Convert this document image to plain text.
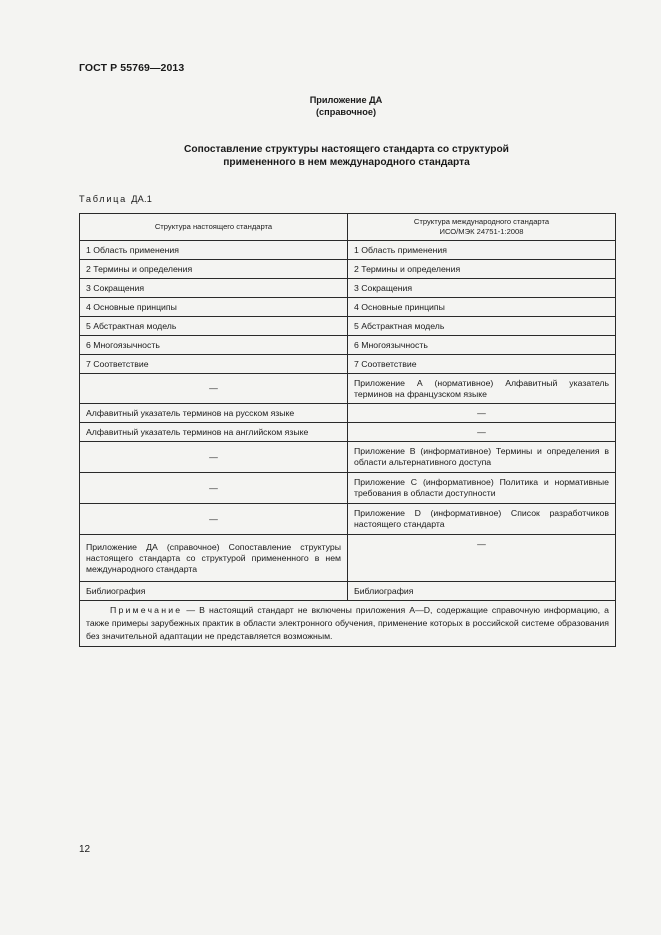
ГОСТ Р 55769—2013
Приложение ДА
(справочное)
Сопоставление структуры настоящего стандарта со структурой
примененного в нем международного стандарта
Таблица ДА.1
Структура настоящего стандарта	Структура международного стандарта
ИСО/МЭК 24751-1:2008

1 Область применения	1 Область применения
2 Термины и определения	2 Термины и определения
3 Сокращения	3 Сокращения
4 Основные принципы	4 Основные принципы
5 Абстрактная модель	5 Абстрактная модель
6 Многоязычность	6 Многоязычность
7 Соответствие	7 Соответствие
—	Приложение А (нормативное) Алфавитный указатель терминов на французском языке
Алфавитный указатель терминов на русском языке	—
Алфавитный указатель терминов на английском языке	—
—	Приложение В (информативное) Термины и определения в области альтернативного доступа
—	Приложение С (информативное) Политика и нормативные требования в области доступности
—	Приложение D (информативное) Список разработчиков настоящего стандарта
Приложение ДА (справочное) Сопоставление структуры настоящего стандарта со структурой примененного в нем международного стандарта	—
Библиография	Библиография
Примечание — В настоящий стандарт не включены приложения А—D, содержащие справочную информацию, а также примеры зарубежных практик в области электронного обучения, применение которых в российской системе образования без значительной адаптации не представляется возможным.	
12
